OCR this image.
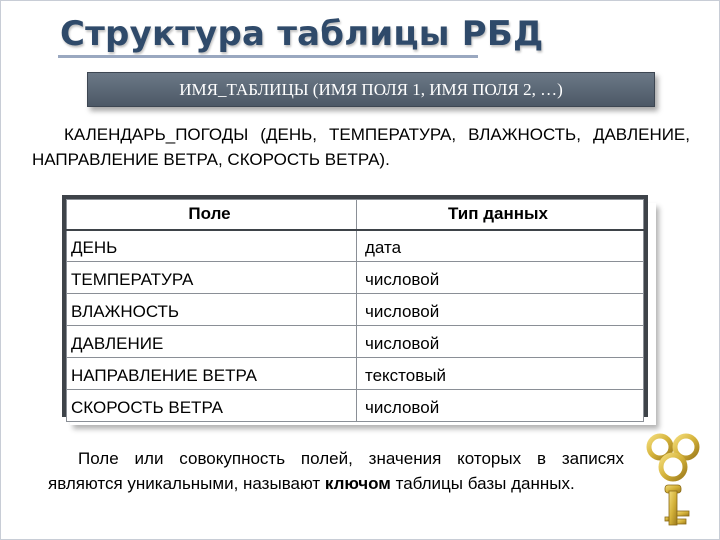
Структура таблицы РБД
ИМЯ_ТАБЛИЦЫ (ИМЯ ПОЛЯ 1, ИМЯ ПОЛЯ 2, …)

КАЛЕНДАРЬ_ПОГОДЫ (ДЕНЬ, ТЕМПЕРАТУРА, ВЛАЖНОСТЬ, ДАВЛЕНИЕ, НАПРАВЛЕНИЕ ВЕТРА, СКОРОСТЬ ВЕТРА).

Поле	Тип данных
ДЕНЬ	дата
ТЕМПЕРАТУРА	числовой
ВЛАЖНОСТЬ	числовой
ДАВЛЕНИЕ	числовой
НАПРАВЛЕНИЕ ВЕТРА	текстовый
СКОРОСТЬ ВЕТРА	числовой

Поле или совокупность полей, значения которых в записях являются уникальными, называют ключом таблицы базы данных.
